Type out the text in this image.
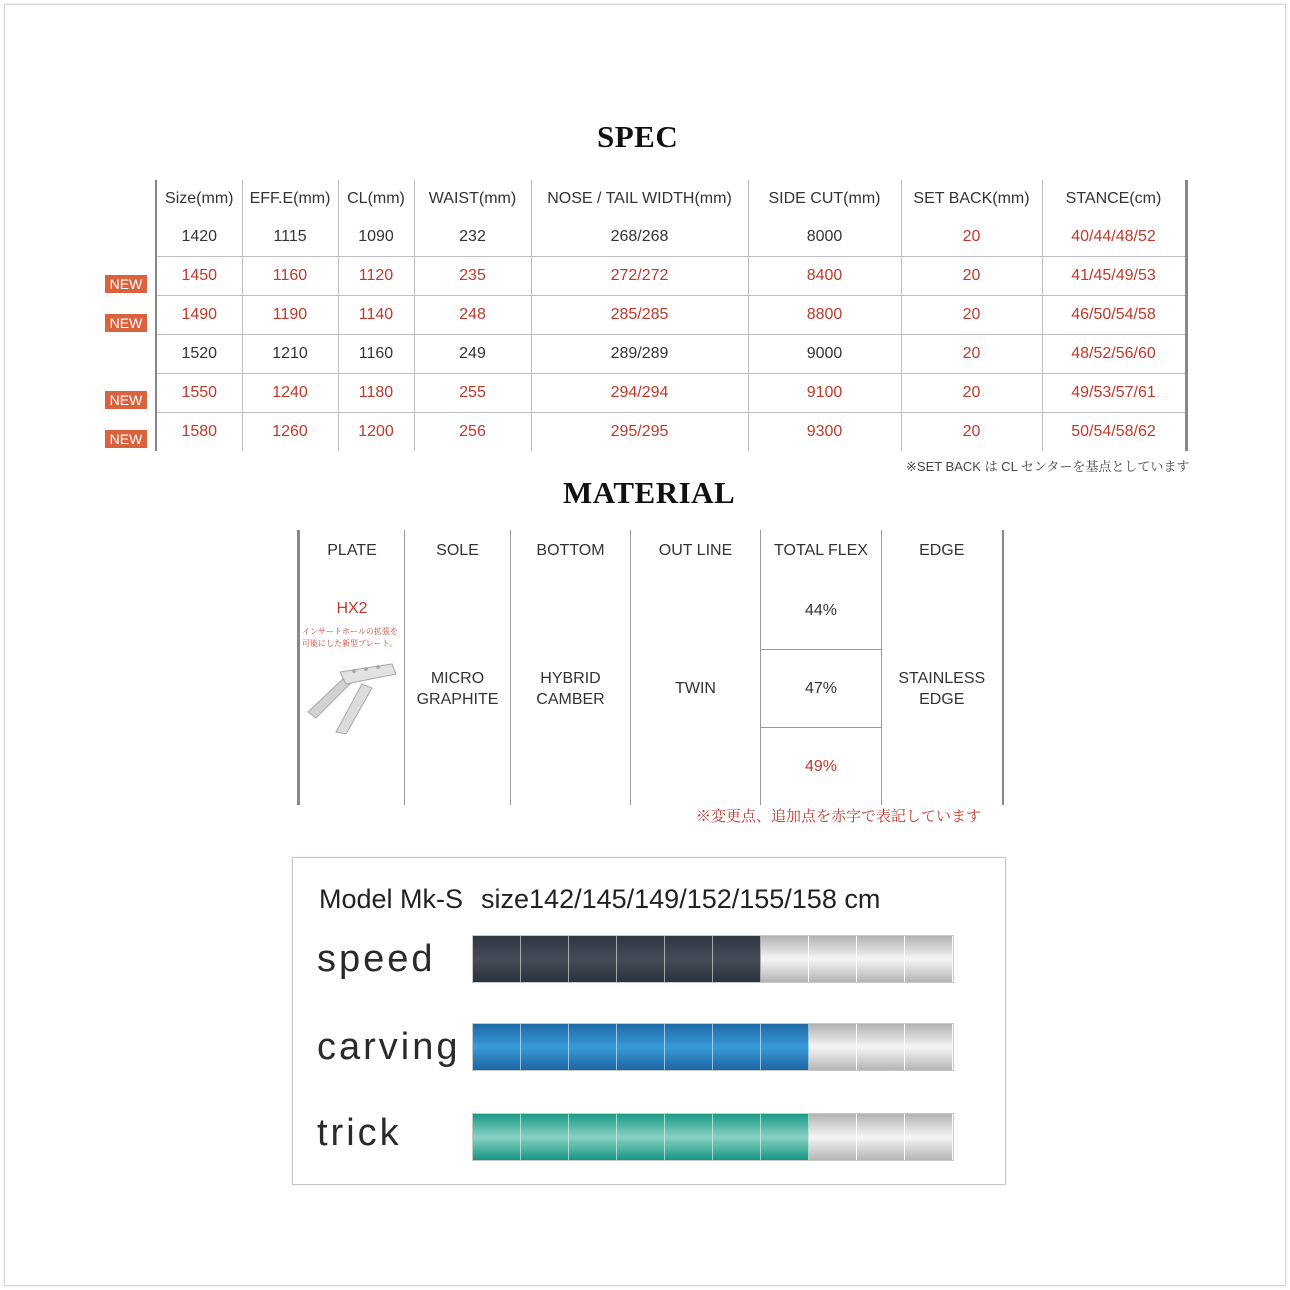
SPEC
Size(mm)	EFF.E(mm)	CL(mm)	WAIST(mm)	NOSE / TAIL WIDTH(mm)	SIDE CUT(mm)	SET BACK(mm)	STANCE(cm)
1420	1115	1090	232	268/268	8000	20	40/44/48/52
1450	1160	1120	235	272/272	8400	20	41/45/49/53
1490	1190	1140	248	285/285	8800	20	46/50/54/58
1520	1210	1160	249	289/289	9000	20	48/52/56/60
1550	1240	1180	255	294/294	9100	20	49/53/57/61
1580	1260	1200	256	295/295	9300	20	50/54/58/62
NEW
NEW
NEW
NEW
※SET BACK は CL センターを基点としています
MATERIAL
PLATE	SOLE	BOTTOM	OUT LINE	TOTAL FLEX	EDGE

HX2
インサートホールの拡張を可能にした新型プレート。	MICRO GRAPHITE	HYBRID CAMBER	TWIN	44%	STAINLESS EDGE
				47%	
				49%	
※変更点、追加点を赤字で表記しています
Model Mk-S size142/145/149/152/155/158 cm
speed
carving
trick
